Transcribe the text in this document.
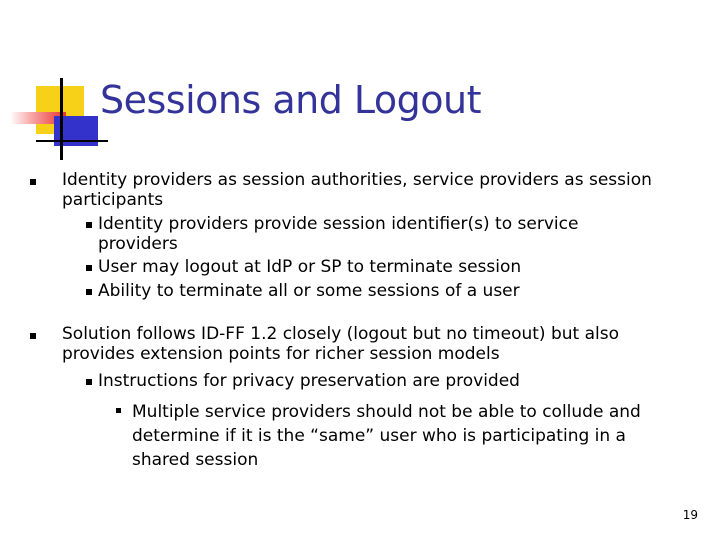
Sessions and Logout
Identity providers as session authorities, service providers as session participants
Identity providers provide session identifier(s) to service providers
User may logout at IdP or SP to terminate session
Ability to terminate all or some sessions of a user
Solution follows ID-FF 1.2 closely (logout but no timeout) but also provides extension points for richer session models
Instructions for privacy preservation are provided
Multiple service providers should not be able to collude and determine if it is the “same” user who is participating in a shared session
19
